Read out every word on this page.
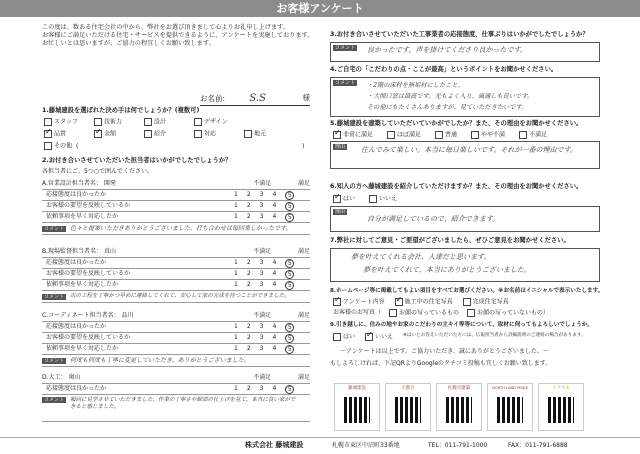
お客様アンケート
この度は、数ある住宅会社の中から、弊社をお選び頂きまして心よりお礼申し上げます。
お客様にご満足いただける住宅・サービスを提供できるように、アンケートを実施しております。
お忙しいとは思いますが、ご協力の程宜しくお願い致します。
お名前: S.S	様
1.藤城建設を選ばれた決め手は何でしょうか？(複数可)
スタッフ	技術力	設計	デザイン
✓品質 ✓	金額	紹介	対応	地元
その他 (	)
2.お付き合いさせていただいた担当者はいかがでしたでしょうか？
各担当者にご、5つ○で囲んでください。
A.営業設計担当者名： 開発	不満足	満足
応接態度は良かったか	1 2 3 4	5
お客様の要望を反映しているか	1 2 3 4	5
依頼事項を早く対応したか	1 2 3 4	5
コメント	色々と提案いただきありがとうございました。打ち合わせは毎回楽しかったです。
B.現場監督担当者名： 真山	不満足	満足
応接態度は良かったか	1 2 3 4	5
お客様の要望を反映しているか	1 2 3 4	5
依頼事項を早く対応したか	1 2 3 4	5
コメント	次の工程を丁寧かつ早めに連絡してくれて、安心して家の完成を待つことができました。
C.コーディネート担当者名： 品川	不満足	満足
応接態度は良かったか	1 2 3 4	5
お客様の要望を反映しているか	1 2 3 4	5
依頼事項を早く対応したか	1 2 3 4	5
コメント	何度も何度も丁寧に変更していただき、ありがとうございました。
D.大工： 奥山	不満足	満足
応接態度は良かったか	1 2 3 4	5
コメント	頻回に見学させていただきました。作業の丁寧さや細部の仕上げを見て、本当に良い家ができると感じました。
3.お付き合いさせていただいた工事業者の応接態度、仕事ぶりはいかがでしたでしょうか？
コメント 良かったです。声を掛けてくださり良かったです。
4.ご自宅の「こだわりの点・ここが最高」というポイントをお聞かせください。
コメント	・2階の床材を無垢材にしたこと。
・大開口窓は最高です。光もよく入り、風通しも良いです。
その他にもたくさんありますが、見ていただきたいです。
5.藤城建設を建築していただいていかがでしたか？また、その理由をお聞かせください。
✓非常に満足	ほぼ満足	普通	やや不満	不満足
理由 住んでみて楽しい。本当に毎日楽しいです。それが一番の理由です。
6.知人の方へ藤城建設を紹介していただけますか？また、その理由をお聞かせください。
✓はい	いいえ
理由
自分が満足しているので、紹介できます。
7.弊社に対してご意見・ご要望がございましたら、ぜひご意見をお聞かせください。
夢を叶えてくれる会社、人達だと思います。
夢を叶えてくれて、本当にありがとうございました。
8.ホームページ等に掲載してもよい項目をすべてお選びください。※お名前はイニシャルで表示いたします。
✓アンケート内容 ✓	施工中の住宅写真	完成住宅写真
お客様のお写真（	お顔の写っているもの	お顔の写っていないもの）
9.引き越しに、住みの地やお家のこだわりの主キイ等等について、取材に伺ってもよろしいでしょうか。
はい ✓	いいえ ※はいとお答えいただいた方には、広報担当者から詳細説明のご連絡の場合があります。
〜アンケートは以上です。ご協力いただき、誠にありがとうございました。〜
もしよろしければ、下記QRよりGoogleのクチコミ投稿も宜しくお願い致します。
藤城建設	小郡台	札幌市建築	NORTH LAND PRIDE	トナイエ
株式会社 藤城建設	札幌市東区中沼町33番地	TEL：011-791-1000	FAX：011-791-6888
